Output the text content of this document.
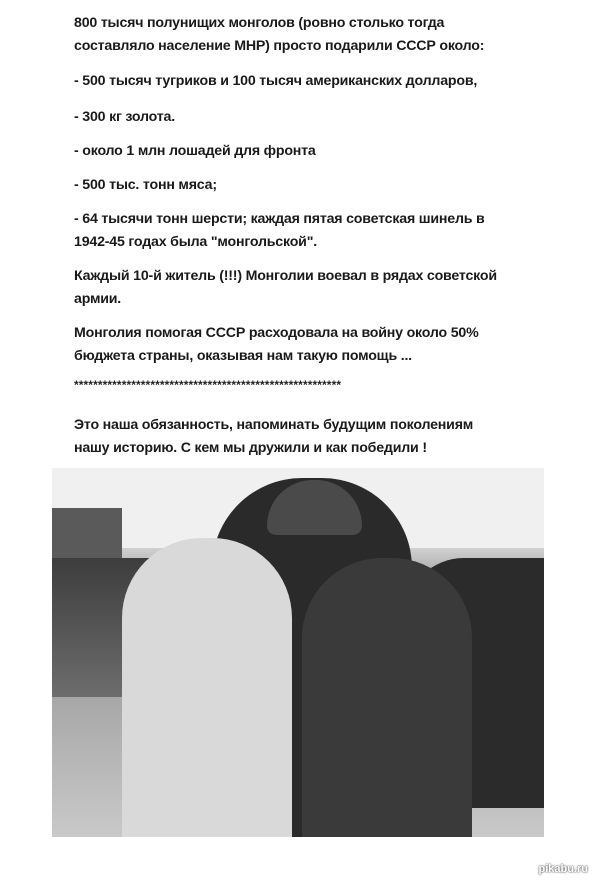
800 тысяч полунищих монголов (ровно столько тогда
составляло население МНР) просто подарили СССР около:
- 500 тысяч тугриков и 100 тысяч американских долларов,
- 300 кг золота.
- около 1 млн лошадей для фронта
- 500 тыс. тонн мяса;
- 64 тысячи тонн шерсти; каждая пятая советская шинель в
1942-45 годах была "монгольской".
Каждый 10-й житель (!!!) Монголии воевал в рядах советской
армии.
Монголия помогая СССР расходовала на войну около 50%
бюджета страны, оказывая нам такую помощь ...
********************************************************
Это наша обязанность, напоминать будущим поколениям
нашу историю. С кем мы дружили и как победили !
pikabu.ru
